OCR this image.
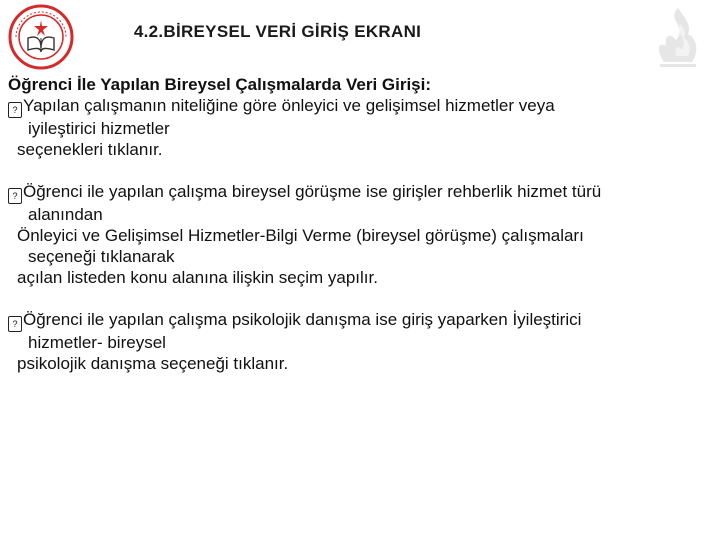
4.2.BİREYSEL VERİ GİRİŞ EKRANI
Öğrenci İle Yapılan Bireysel Çalışmalarda Veri Girişi:
? Yapılan çalışmanın niteliğine göre önleyici ve gelişimsel hizmetler veya
iyileştirici hizmetler
seçenekleri tıklanır.
? Öğrenci ile yapılan çalışma bireysel görüşme ise girişler rehberlik hizmet türü
alanından
Önleyici ve Gelişimsel Hizmetler-Bilgi Verme (bireysel görüşme) çalışmaları
seçeneği tıklanarak
açılan listeden konu alanına ilişkin seçim yapılır.
? Öğrenci ile yapılan çalışma psikolojik danışma ise giriş yaparken İyileştirici
hizmetler- bireysel
psikolojik danışma seçeneği tıklanır.
